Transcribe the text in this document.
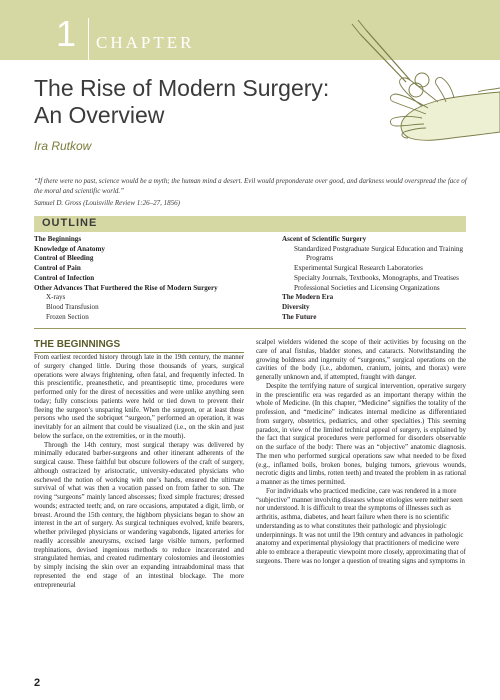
1 CHAPTER
The Rise of Modern Surgery:
An Overview
Ira Rutkow
“If there were no past, science would be a myth; the human mind a desert. Evil would preponderate over good, and darkness would overspread the face of the moral and scientific world.”
Samuel D. Gross (Louisville Review 1:26–27, 1856)
OUTLINE
The Beginnings
Knowledge of Anatomy
Control of Bleeding
Control of Pain
Control of Infection
Other Advances That Furthered the Rise of Modern Surgery
X-rays
Blood Transfusion
Frozen Section
Ascent of Scientific Surgery
Standardized Postgraduate Surgical Education and Training
Programs
Experimental Surgical Research Laboratories
Specialty Journals, Textbooks, Monographs, and Treatises
Professional Societies and Licensing Organizations
The Modern Era
Diversity
The Future
THE BEGINNINGS

From earliest recorded history through late in the 19th century, the manner of surgery changed little. During those thousands of years, surgical operations were always frightening, often fatal, and frequently infected. In this prescientific, preanesthetic, and preantiseptic time, procedures were performed only for the direst of necessities and were unlike anything seen today; fully conscious patients were held or tied down to prevent their fleeing the surgeon’s unsparing knife. When the surgeon, or at least those persons who used the sobriquet “surgeon,” performed an operation, it was inevitably for an ailment that could be visualized (i.e., on the skin and just below the surface, on the extremities, or in the mouth).

Through the 14th century, most surgical therapy was delivered by minimally educated barber-surgeons and other itinerant adherents of the surgical cause. These faithful but obscure followers of the craft of surgery, although ostracized by aristocratic, university-educated physicians who eschewed the notion of working with one’s hands, ensured the ultimate survival of what was then a vocation passed on from father to son. The roving “surgeons” mainly lanced abscesses; fixed simple fractures; dressed wounds; extracted teeth; and, on rare occasions, amputated a digit, limb, or breast. Around the 15th century, the highborn physicians began to show an interest in the art of surgery. As surgical techniques evolved, knife bearers, whether privileged physicians or wandering vagabonds, ligated arteries for readily accessible aneurysms, excised large visible tumors, performed trephinations, devised ingenious methods to reduce incarcerated and strangulated hernias, and created rudimentary colostomies and ileostomies by simply incising the skin over an expanding intraabdominal mass that represented the end stage of an intestinal blockage. The more entrepreneurial

scalpel wielders widened the scope of their activities by focusing on the care of anal fistulas, bladder stones, and cataracts. Notwithstanding the growing boldness and ingenuity of “surgeons,” surgical operations on the cavities of the body (i.e., abdomen, cranium, joints, and thorax) were generally unknown and, if attempted, fraught with danger.

Despite the terrifying nature of surgical intervention, operative surgery in the prescientific era was regarded as an important therapy within the whole of Medicine. (In this chapter, “Medicine” signifies the totality of the profession, and “medicine” indicates internal medicine as differentiated from surgery, obstetrics, pediatrics, and other specialties.) This seeming paradox, in view of the limited technical appeal of surgery, is explained by the fact that surgical procedures were performed for disorders observable on the surface of the body: There was an “objective” anatomic diagnosis. The men who performed surgical operations saw what needed to be fixed (e.g., inflamed boils, broken bones, bulging tumors, grievous wounds, necrotic digits and limbs, rotten teeth) and treated the problem in as rational a manner as the times permitted.

For individuals who practiced medicine, care was rendered in a more “subjective” manner involving diseases whose etiologies were neither seen nor understood. It is difficult to treat the symptoms of illnesses such as arthritis, asthma, diabetes, and heart failure when there is no scientific understanding as to what constitutes their pathologic and physiologic underpinnings. It was not until the 19th century and advances in pathologic anatomy and experimental physiology that practitioners of medicine were able to embrace a therapeutic viewpoint more closely, approximating that of surgeons. There was no longer a question of treating signs and symptoms in

2
